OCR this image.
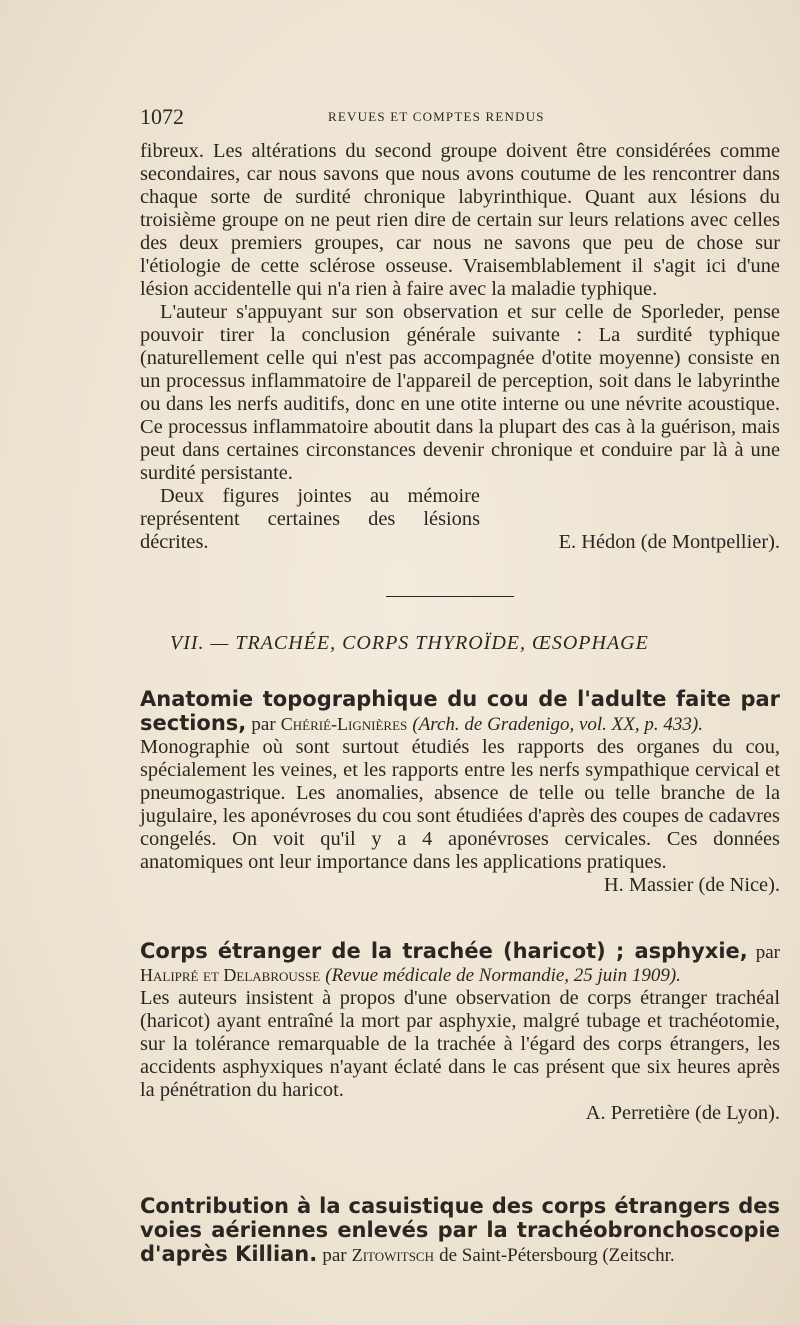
1072	REVUES ET COMPTES RENDUS

fibreux. Les altérations du second groupe doivent être considérées comme secondaires, car nous savons que nous avons coutume de les rencontrer dans chaque sorte de surdité chronique labyrinthique. Quant aux lésions du troisième groupe on ne peut rien dire de certain sur leurs relations avec celles des deux premiers groupes, car nous ne savons que peu de chose sur l'étiologie de cette sclérose osseuse. Vraisemblablement il s'agit ici d'une lésion accidentelle qui n'a rien à faire avec la maladie typhique.

L'auteur s'appuyant sur son observation et sur celle de Sporleder, pense pouvoir tirer la conclusion générale suivante : La surdité typhique (naturellement celle qui n'est pas accompagnée d'otite moyenne) consiste en un processus inflammatoire de l'appareil de perception, soit dans le labyrinthe ou dans les nerfs auditifs, donc en une otite interne ou une névrite acoustique. Ce processus inflammatoire aboutit dans la plupart des cas à la guérison, mais peut dans certaines circonstances devenir chronique et conduire par là à une surdité persistante.

Deux figures jointes au mémoire représentent certaines des lésions décrites.	E. Hédon (de Montpellier).
VII. — TRACHÉE, CORPS THYROÏDE, ŒSOPHAGE
Anatomie topographique du cou de l'adulte faite par sections, par Chérié-Lignières (Arch. de Gradenigo, vol. XX, p. 433).

Monographie où sont surtout étudiés les rapports des organes du cou, spécialement les veines, et les rapports entre les nerfs sympathique cervical et pneumogastrique. Les anomalies, absence de telle ou telle branche de la jugulaire, les aponévroses du cou sont étudiées d'après des coupes de cadavres congelés. On voit qu'il y a 4 aponévroses cervicales. Ces données anatomiques ont leur importance dans les applications pratiques.

H. Massier (de Nice).
Corps étranger de la trachée (haricot) ; asphyxie, par Halipré et Delabrousse (Revue médicale de Normandie, 25 juin 1909).

Les auteurs insistent à propos d'une observation de corps étranger trachéal (haricot) ayant entraîné la mort par asphyxie, malgré tubage et trachéotomie, sur la tolérance remarquable de la trachée à l'égard des corps étrangers, les accidents asphyxiques n'ayant éclaté dans le cas présent que six heures après la pénétration du haricot.

A. Perretière (de Lyon).
Contribution à la casuistique des corps étrangers des voies aériennes enlevés par la trachéobronchoscopie d'après Killian. par Zitowitsch de Saint-Pétersbourg (Zeitschr.
